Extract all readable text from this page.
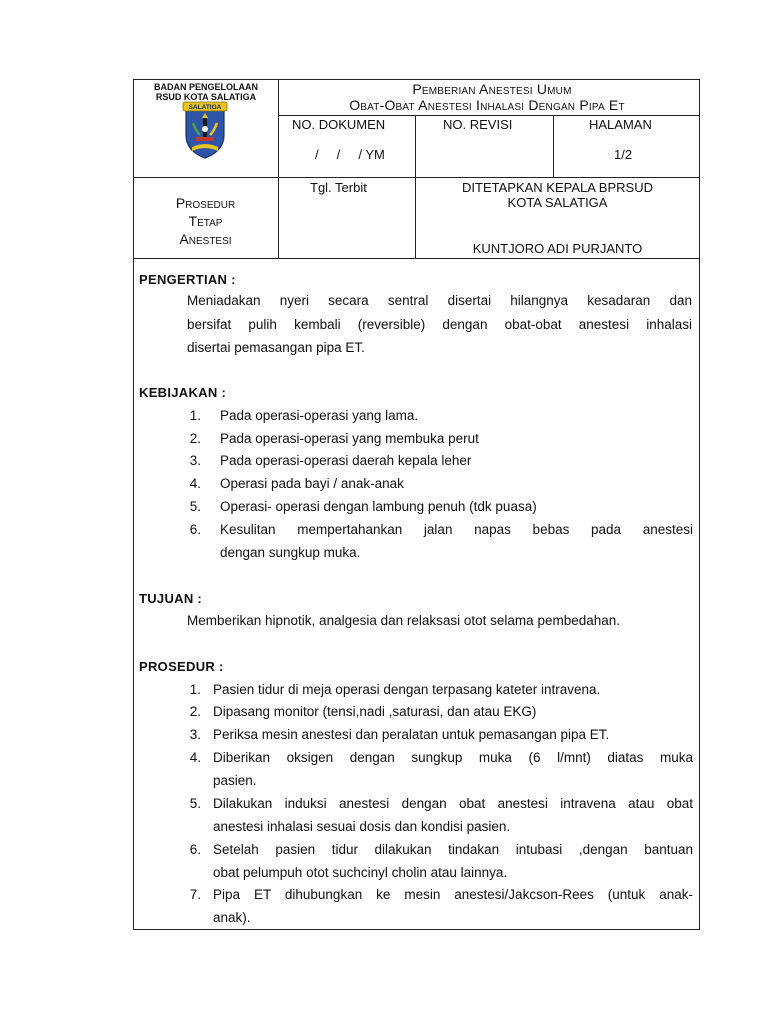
BADAN PENGELOLAAN
RSUD KOTA SALATIGA
SALATIGA
Pemberian Anestesi Umum
Obat-Obat Anestesi Inhalasi Dengan Pipa Et
NO. DOKUMEN
/     /     / YM
NO. REVISI	HALAMAN
1/2
Prosedur
Tetap
Anestesi
Tgl. Terbit	DITETAPKAN KEPALA BPRSUD
KOTA SALATIGA
KUNTJORO ADI PURJANTO
PENGERTIAN :
Meniadakan nyeri secara sentral disertai hilangnya kesadaran dan
bersifat pulih kembali (reversible) dengan obat-obat anestesi inhalasi
disertai pemasangan pipa ET.
KEBIJAKAN :
1. Pada operasi-operasi yang lama.
2. Pada operasi-operasi yang membuka perut
3. Pada operasi-operasi daerah kepala leher
4. Operasi pada bayi / anak-anak
5. Operasi- operasi dengan lambung penuh (tdk puasa)
6. Kesulitan mempertahankan jalan napas bebas pada anestesi
dengan sungkup muka.
TUJUAN :
Memberikan hipnotik, analgesia dan relaksasi otot selama pembedahan.
PROSEDUR :
1. Pasien tidur di meja operasi dengan terpasang kateter intravena.
2. Dipasang monitor (tensi,nadi ,saturasi, dan atau EKG)
3. Periksa mesin anestesi dan peralatan untuk pemasangan pipa ET.
4. Diberikan oksigen dengan sungkup muka (6 l/mnt) diatas muka
pasien.
5. Dilakukan induksi anestesi dengan obat anestesi intravena atau obat
anestesi inhalasi sesuai dosis dan kondisi pasien.
6. Setelah pasien tidur dilakukan tindakan intubasi ,dengan bantuan
obat pelumpuh otot suchcinyl cholin atau lainnya.
7. Pipa ET dihubungkan ke mesin anestesi/Jakcson-Rees (untuk anak-
anak).
